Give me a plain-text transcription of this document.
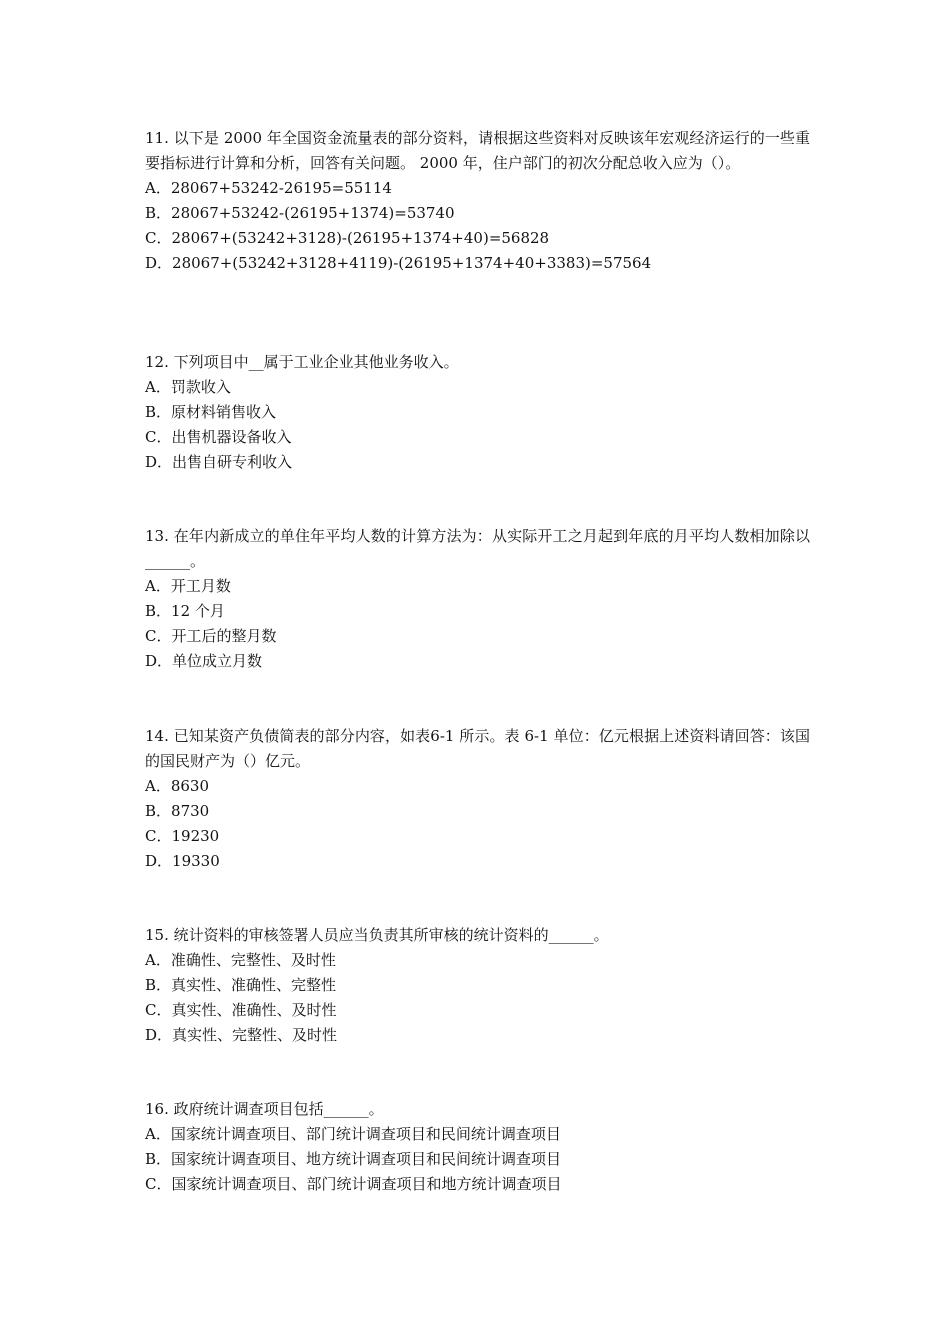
11. 以下是 2000 年全国资金流量表的部分资料，请根据这些资料对反映该年宏观经济运行的一些重要指标进行计算和分析，回答有关问题。 2000 年，住户部门的初次分配总收入应为（）。

A．28067+53242-26195=55114

B．28067+53242-(26195+1374)=53740

C．28067+(53242+3128)-(26195+1374+40)=56828

D．28067+(53242+3128+4119)-(26195+1374+40+3383)=57564

12. 下列项目中__属于工业企业其他业务收入。

A．罚款收入

B．原材料销售收入

C．出售机器设备收入

D．出售自研专利收入

13. 在年内新成立的单住年平均人数的计算方法为：从实际开工之月起到年底的月平均人数相加除以______。

A．开工月数

B．12 个月

C．开工后的整月数

D．单位成立月数

14. 已知某资产负债简表的部分内容，如表6-1 所示。表 6-1 单位：亿元根据上述资料请回答：该国的国民财产为（）亿元。

A．8630

B．8730

C．19230

D．19330

15. 统计资料的审核签署人员应当负责其所审核的统计资料的______。

A．准确性、完整性、及时性

B．真实性、准确性、完整性

C．真实性、准确性、及时性

D．真实性、完整性、及时性

16. 政府统计调查项目包括______。

A．国家统计调查项目、部门统计调查项目和民间统计调查项目

B．国家统计调查项目、地方统计调查项目和民间统计调查项目

C．国家统计调查项目、部门统计调查项目和地方统计调查项目
